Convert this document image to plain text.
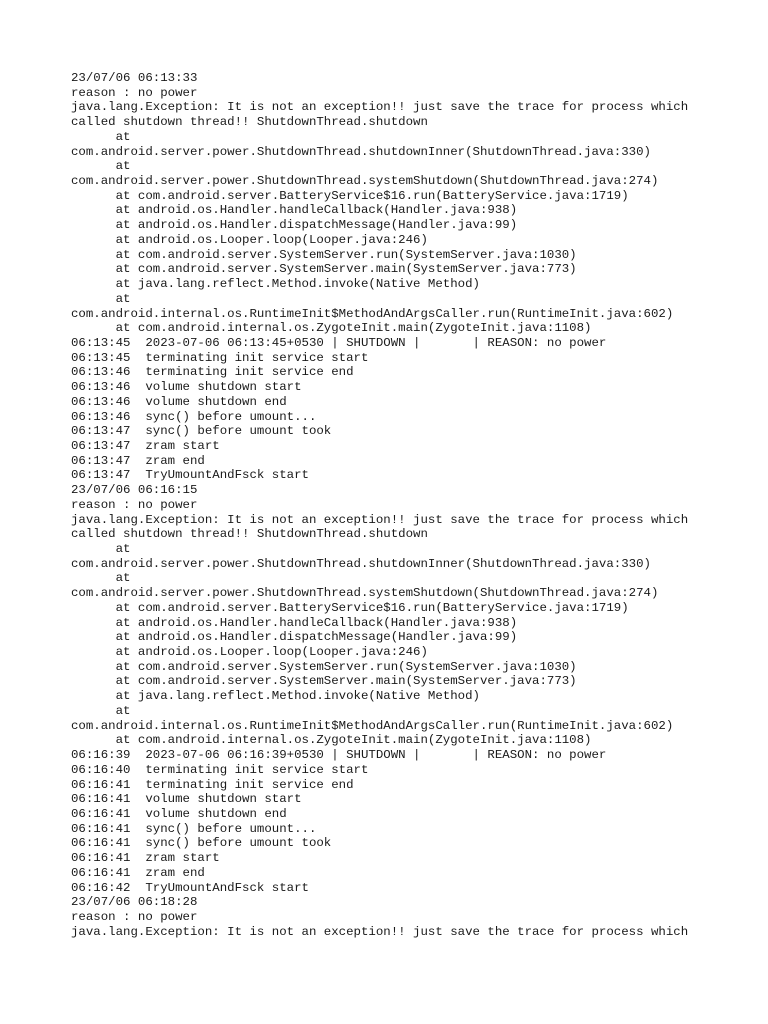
23/07/06 06:13:33
reason : no power
java.lang.Exception: It is not an exception!! just save the trace for process which
called shutdown thread!! ShutdownThread.shutdown
at
com.android.server.power.ShutdownThread.shutdownInner(ShutdownThread.java:330)
at
com.android.server.power.ShutdownThread.systemShutdown(ShutdownThread.java:274)
at com.android.server.BatteryService$16.run(BatteryService.java:1719)
at android.os.Handler.handleCallback(Handler.java:938)
at android.os.Handler.dispatchMessage(Handler.java:99)
at android.os.Looper.loop(Looper.java:246)
at com.android.server.SystemServer.run(SystemServer.java:1030)
at com.android.server.SystemServer.main(SystemServer.java:773)
at java.lang.reflect.Method.invoke(Native Method)
at
com.android.internal.os.RuntimeInit$MethodAndArgsCaller.run(RuntimeInit.java:602)
at com.android.internal.os.ZygoteInit.main(ZygoteInit.java:1108)
06:13:45  2023-07-06 06:13:45+0530 | SHUTDOWN |       | REASON: no power
06:13:45  terminating init service start
06:13:46  terminating init service end
06:13:46  volume shutdown start
06:13:46  volume shutdown end
06:13:46  sync() before umount...
06:13:47  sync() before umount took
06:13:47  zram start
06:13:47  zram end
06:13:47  TryUmountAndFsck start
23/07/06 06:16:15
reason : no power
java.lang.Exception: It is not an exception!! just save the trace for process which
called shutdown thread!! ShutdownThread.shutdown
at
com.android.server.power.ShutdownThread.shutdownInner(ShutdownThread.java:330)
at
com.android.server.power.ShutdownThread.systemShutdown(ShutdownThread.java:274)
at com.android.server.BatteryService$16.run(BatteryService.java:1719)
at android.os.Handler.handleCallback(Handler.java:938)
at android.os.Handler.dispatchMessage(Handler.java:99)
at android.os.Looper.loop(Looper.java:246)
at com.android.server.SystemServer.run(SystemServer.java:1030)
at com.android.server.SystemServer.main(SystemServer.java:773)
at java.lang.reflect.Method.invoke(Native Method)
at
com.android.internal.os.RuntimeInit$MethodAndArgsCaller.run(RuntimeInit.java:602)
at com.android.internal.os.ZygoteInit.main(ZygoteInit.java:1108)
06:16:39  2023-07-06 06:16:39+0530 | SHUTDOWN |       | REASON: no power
06:16:40  terminating init service start
06:16:41  terminating init service end
06:16:41  volume shutdown start
06:16:41  volume shutdown end
06:16:41  sync() before umount...
06:16:41  sync() before umount took
06:16:41  zram start
06:16:41  zram end
06:16:42  TryUmountAndFsck start
23/07/06 06:18:28
reason : no power
java.lang.Exception: It is not an exception!! just save the trace for process which
